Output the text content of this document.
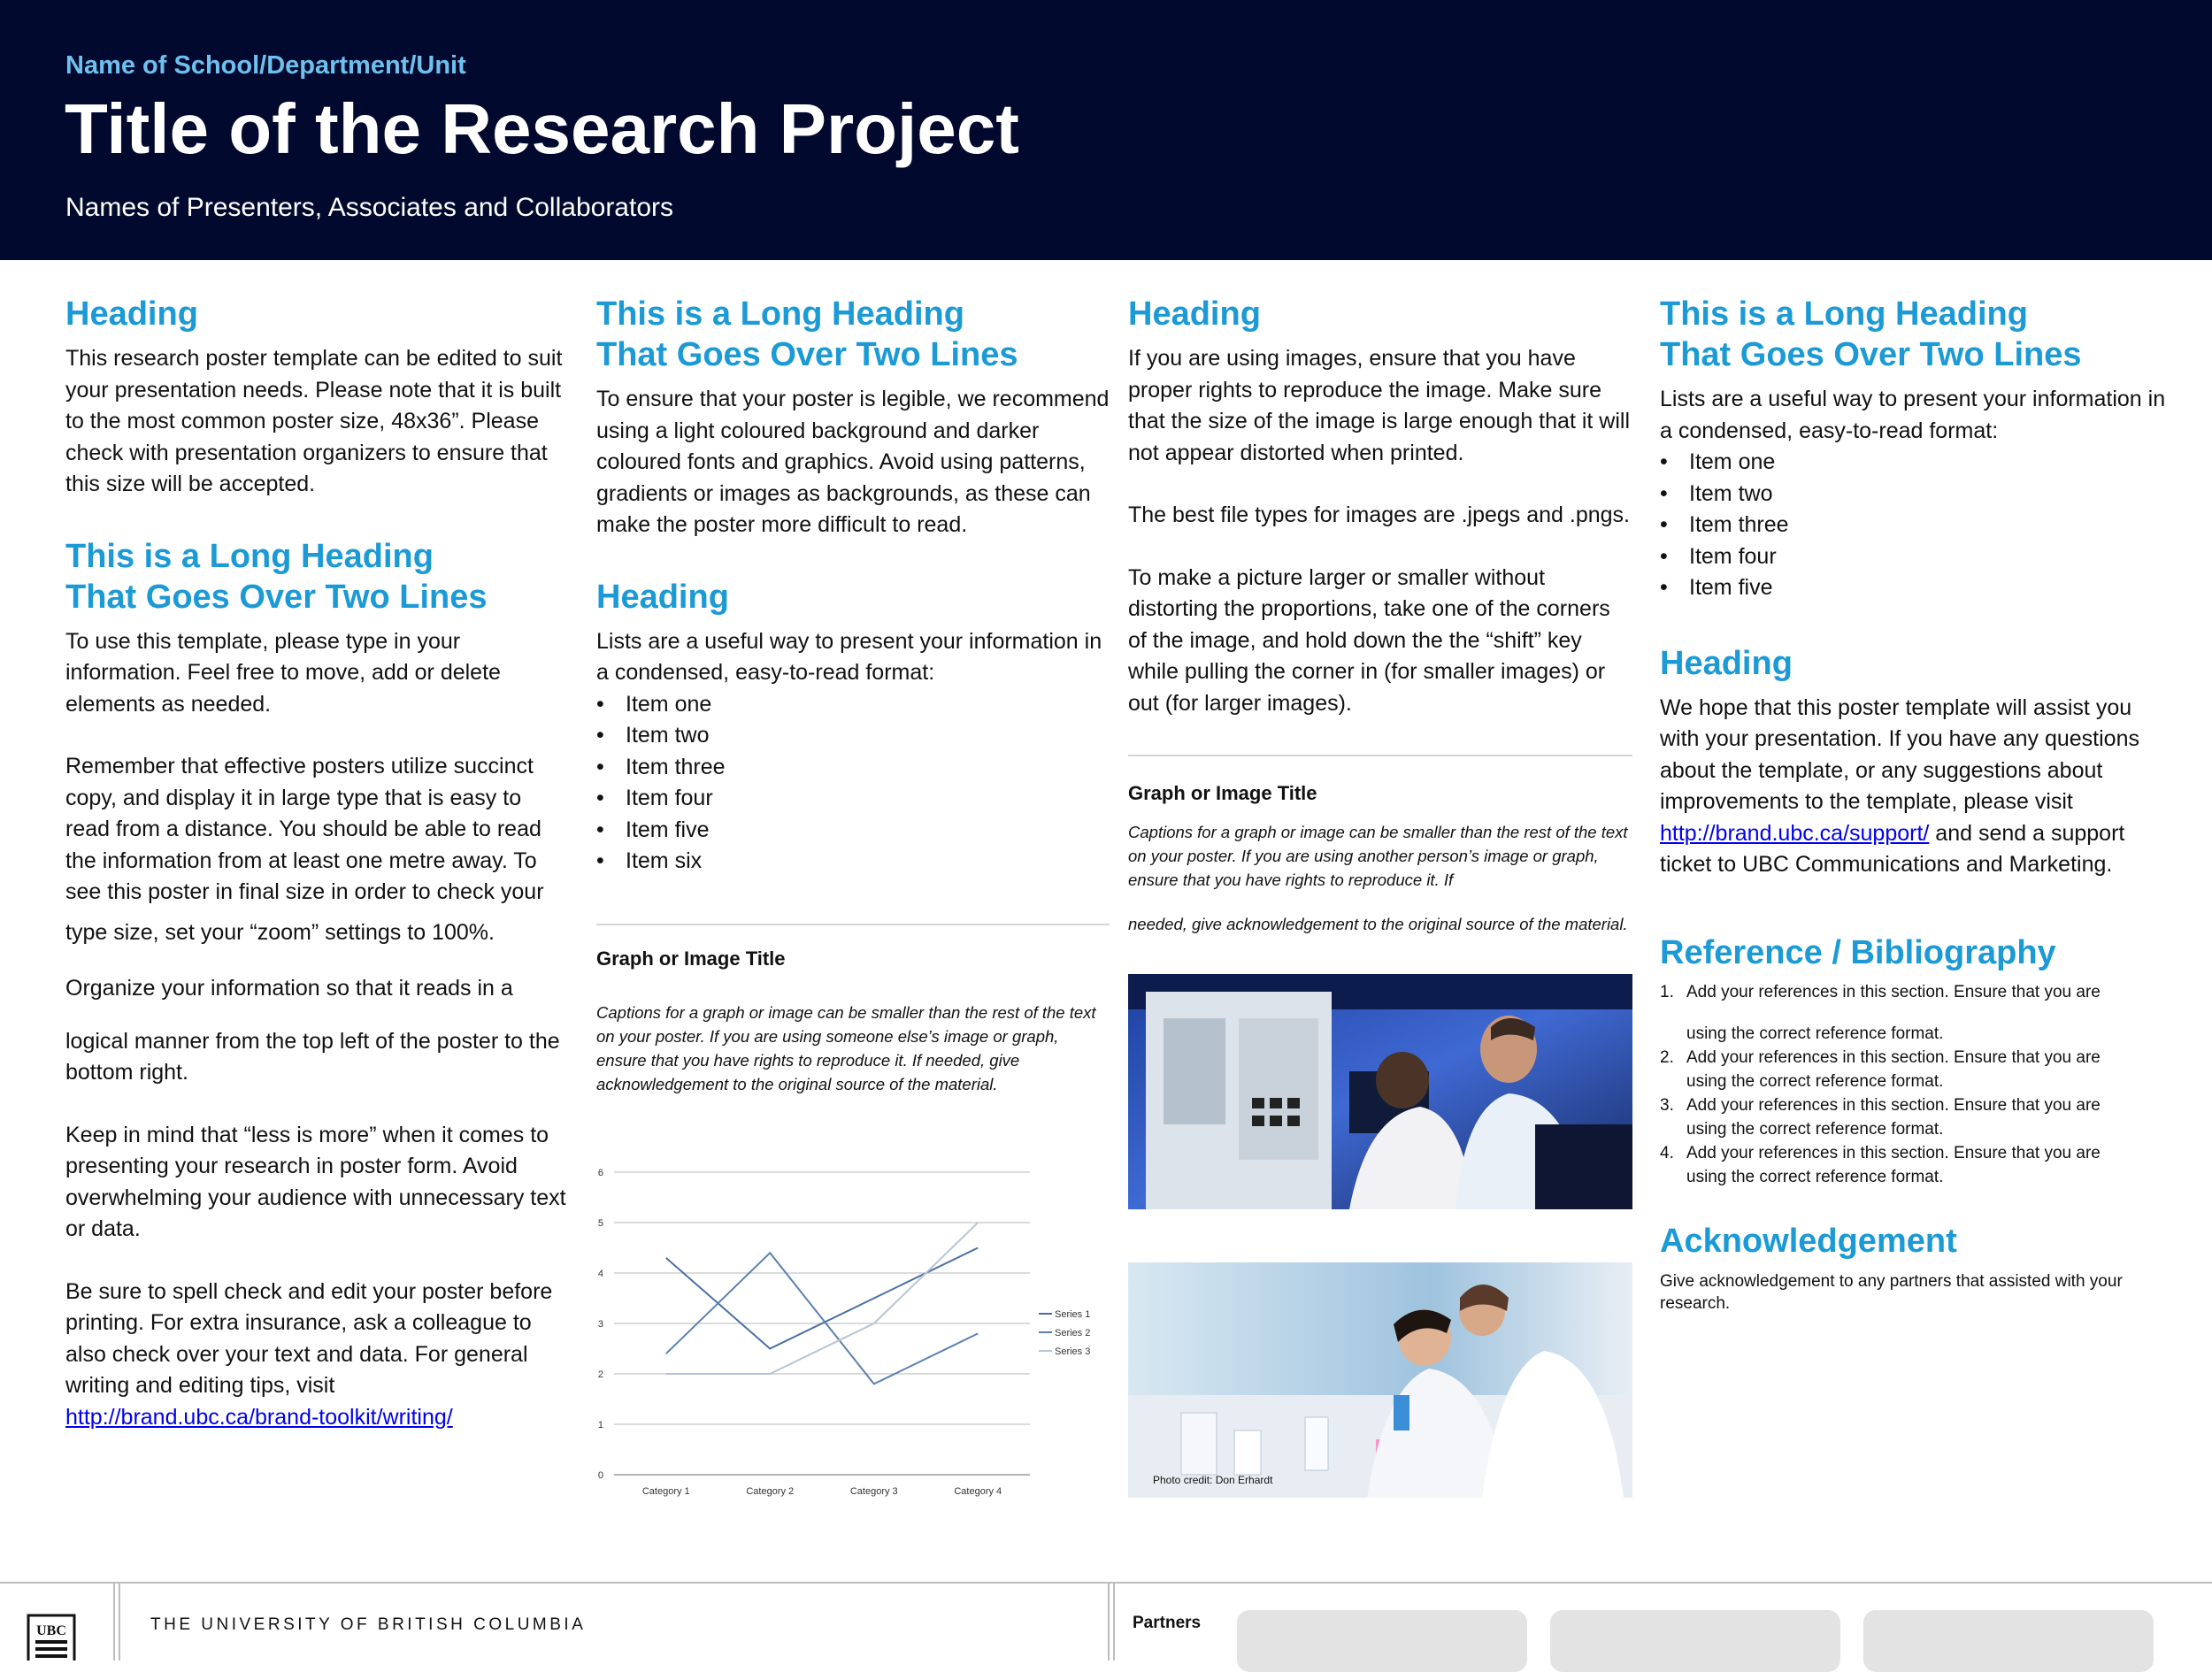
Name of School/Department/Unit
Title of the Research Project
Names of Presenters, Associates and Collaborators
Heading

This research poster template can be edited to suit your presentation needs. Please note that it is built to the most common poster size, 48x36”. Please check with presentation organizers to ensure that this size will be accepted.

This is a Long Heading
That Goes Over Two Lines

To use this template, please type in your information. Feel free to move, add or delete elements as needed.

Remember that effective posters utilize succinct copy, and display it in large type that is easy to read from a distance. You should be able to read the information from at least one metre away. To see this poster in final size in order to check your

type size, set your “zoom” settings to 100%.

Organize your information so that it reads in a

logical manner from the top left of the poster to the bottom right.

Keep in mind that “less is more” when it comes to presenting your research in poster form. Avoid overwhelming your audience with unnecessary text or data.

Be sure to spell check and edit your poster before printing. For extra insurance, ask a colleague to also check over your text and data. For general writing and editing tips, visit

http://brand.ubc.ca/brand-toolkit/writing/

This is a Long Heading
That Goes Over Two Lines

To ensure that your poster is legible, we recommend using a light coloured background and darker coloured fonts and graphics. Avoid using patterns, gradients or images as backgrounds, as these can make the poster more difficult to read.

Heading

Lists are a useful way to present your information in a condensed, easy-to-read format:

• Item one
• Item two
• Item three
• Item four
• Item five
• Item six

Graph or Image Title

Captions for a graph or image can be smaller than the rest of the text on your poster. If you are using someone else’s image or graph, ensure that you have rights to reproduce it. If needed, give acknowledgement to the original source of the material.

0
1
2
3
4
5
6
Category 1	Category 2	Category 3	Category 4
Series 1
Series 2
Series 3
Heading

If you are using images, ensure that you have proper rights to reproduce the image. Make sure that the size of the image is large enough that it will not appear distorted when printed.

The best file types for images are .jpegs and .pngs.

To make a picture larger or smaller without distorting the proportions, take one of the corners of the image, and hold down the the “shift” key while pulling the corner in (for smaller images) or out (for larger images).

Graph or Image Title

Captions for a graph or image can be smaller than the rest of the text on your poster. If you are using another person’s image or graph, ensure that you have rights to reproduce it. If

needed, give acknowledgement to the original source of the material.

Photo credit: Don Erhardt
This is a Long Heading
That Goes Over Two Lines

Lists are a useful way to present your information in a condensed, easy-to-read format:

• Item one
• Item two
• Item three
• Item four
• Item five
Heading

We hope that this poster template will assist you with your presentation. If you have any questions about the template, or any suggestions about improvements to the template, please visit http://brand.ubc.ca/support/ and send a support ticket to UBC Communications and Marketing.

Reference / Bibliography
1. Add your references in this section. Ensure that you are
using the correct reference format.
2. Add your references in this section. Ensure that you are
using the correct reference format.
3. Add your references in this section. Ensure that you are
using the correct reference format.
4. Add your references in this section. Ensure that you are
using the correct reference format.
Acknowledgement

Give acknowledgement to any partners that assisted with your research.

UBC	THE UNIVERSITY OF BRITISH COLUMBIA	Partners
